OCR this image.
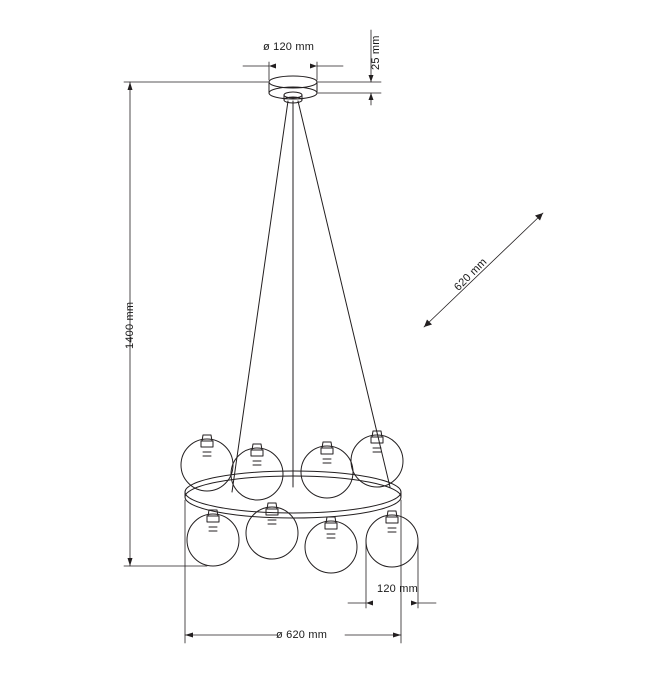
ø 120 mm	25 mm
1400 mm
620 mm
120 mm
ø 620 mm
